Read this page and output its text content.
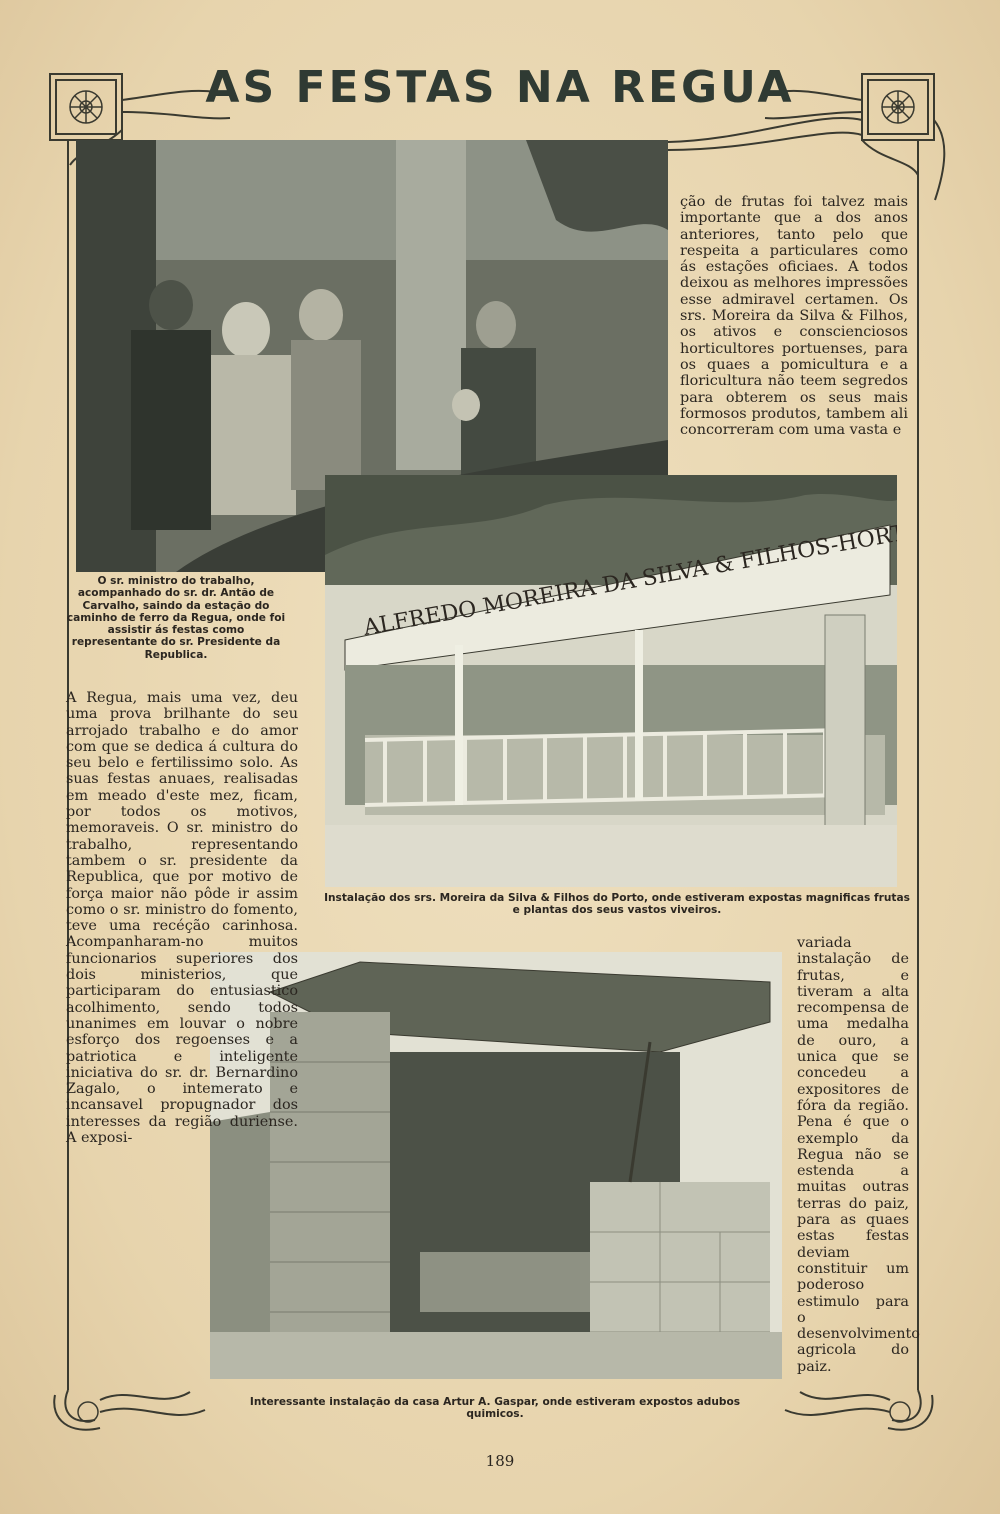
AS FESTAS NA REGUA

O sr. ministro do trabalho, acompanhado do sr. dr. Antão de Carvalho, saindo da estação do caminho de ferro da Regua, onde foi assistir ás festas como representante do sr. Presidente da Republica.

Instalação dos srs. Moreira da Silva & Filhos do Porto, onde estiveram expostas magnificas frutas e plantas dos seus vastos viveiros.

Interessante instalação da casa Artur A. Gaspar, onde estiveram expostos adubos quimicos.

ção de frutas foi talvez mais importante que a dos anos anteriores, tanto pelo que respeita a particulares como ás estações oficiaes. A todos deixou as melhores impressões esse admiravel certamen. Os srs. Moreira da Silva & Filhos, os ativos e conscienciosos horticultores portuenses, para os quaes a pomicultura e a floricultura não teem segredos para obterem os seus mais formosos produtos, tambem ali concorreram com uma vasta e

A Regua, mais uma vez, deu uma prova brilhante do seu arrojado trabalho e do amor com que se dedica á cultura do seu belo e fertilissimo solo. As suas festas anuaes, realisadas em meado d'este mez, ficam, por todos os motivos, memoraveis. O sr. ministro do trabalho, representando tambem o sr. presidente da Republica, que por motivo de força maior não pôde ir assim como o sr. ministro do fomento, teve uma recéção carinhosa. Acompanharam-no muitos funcionarios superiores dos dois ministerios, que participaram do entusiastico acolhimento, sendo todos unanimes em louvar o nobre esforço dos regoenses e a patriotica e inteligente iniciativa do sr. dr. Bernardino Zagalo, o intemerato e incansavel propugnador dos interesses da região duriense. A exposi-

variada instalação de frutas, e tiveram a alta recompensa de uma medalha de ouro, a unica que se concedeu a expositores de fóra da região. Pena é que o exemplo da Regua não se estenda a muitas outras terras do paiz, para as quaes estas festas deviam constituir um poderoso estimulo para o desenvolvimento agricola do paiz.

189
